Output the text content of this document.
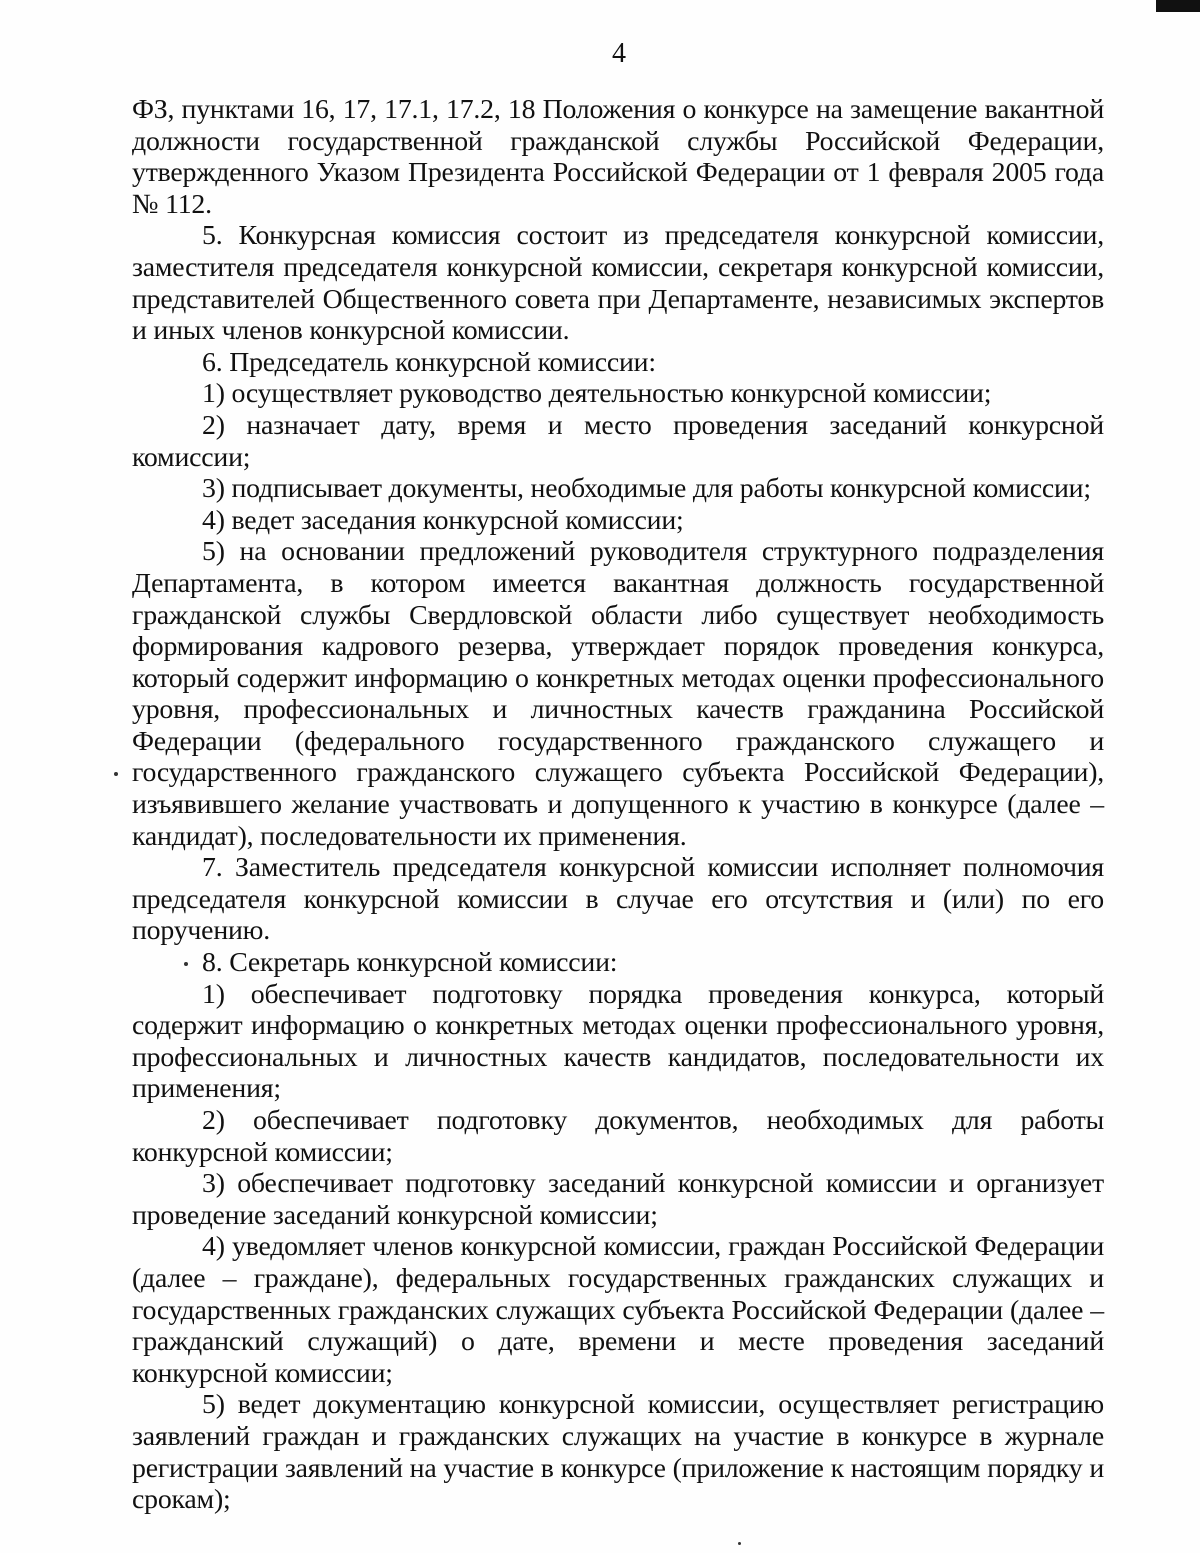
4

ФЗ, пунктами 16, 17, 17.1, 17.2, 18 Положения о конкурсе на замещение вакантной должности государственной гражданской службы Российской Федерации, утвержденного Указом Президента Российской Федерации от 1 февраля 2005 года № 112.

5. Конкурсная комиссия состоит из председателя конкурсной комиссии, заместителя председателя конкурсной комиссии, секретаря конкурсной комиссии, представителей Общественного совета при Департаменте, независимых экспертов и иных членов конкурсной комиссии.

6. Председатель конкурсной комиссии:

1) осуществляет руководство деятельностью конкурсной комиссии;

2) назначает дату, время и место проведения заседаний конкурсной комиссии;

3) подписывает документы, необходимые для работы конкурсной комиссии;

4) ведет заседания конкурсной комиссии;

5) на основании предложений руководителя структурного подразделения Департамента, в котором имеется вакантная должность государственной гражданской службы Свердловской области либо существует необходимость формирования кадрового резерва, утверждает порядок проведения конкурса, который содержит информацию о конкретных методах оценки профессионального уровня, профессиональных и личностных качеств гражданина Российской Федерации (федерального государственного гражданского служащего и государственного гражданского служащего субъекта Российской Федерации), изъявившего желание участвовать и допущенного к участию в конкурсе (далее – кандидат), последовательности их применения.

7. Заместитель председателя конкурсной комиссии исполняет полномочия председателя конкурсной комиссии в случае его отсутствия и (или) по его поручению.

8. Секретарь конкурсной комиссии:

1) обеспечивает подготовку порядка проведения конкурса, который содержит информацию о конкретных методах оценки профессионального уровня, профессиональных и личностных качеств кандидатов, последовательности их применения;

2) обеспечивает подготовку документов, необходимых для работы конкурсной комиссии;

3) обеспечивает подготовку заседаний конкурсной комиссии и организует проведение заседаний конкурсной комиссии;

4) уведомляет членов конкурсной комиссии, граждан Российской Федерации (далее – граждане), федеральных государственных гражданских служащих и государственных гражданских служащих субъекта Российской Федерации (далее – гражданский служащий) о дате, времени и месте проведения заседаний конкурсной комиссии;

5) ведет документацию конкурсной комиссии, осуществляет регистрацию заявлений граждан и гражданских служащих на участие в конкурсе в журнале регистрации заявлений на участие в конкурсе (приложение к настоящим порядку и срокам);
